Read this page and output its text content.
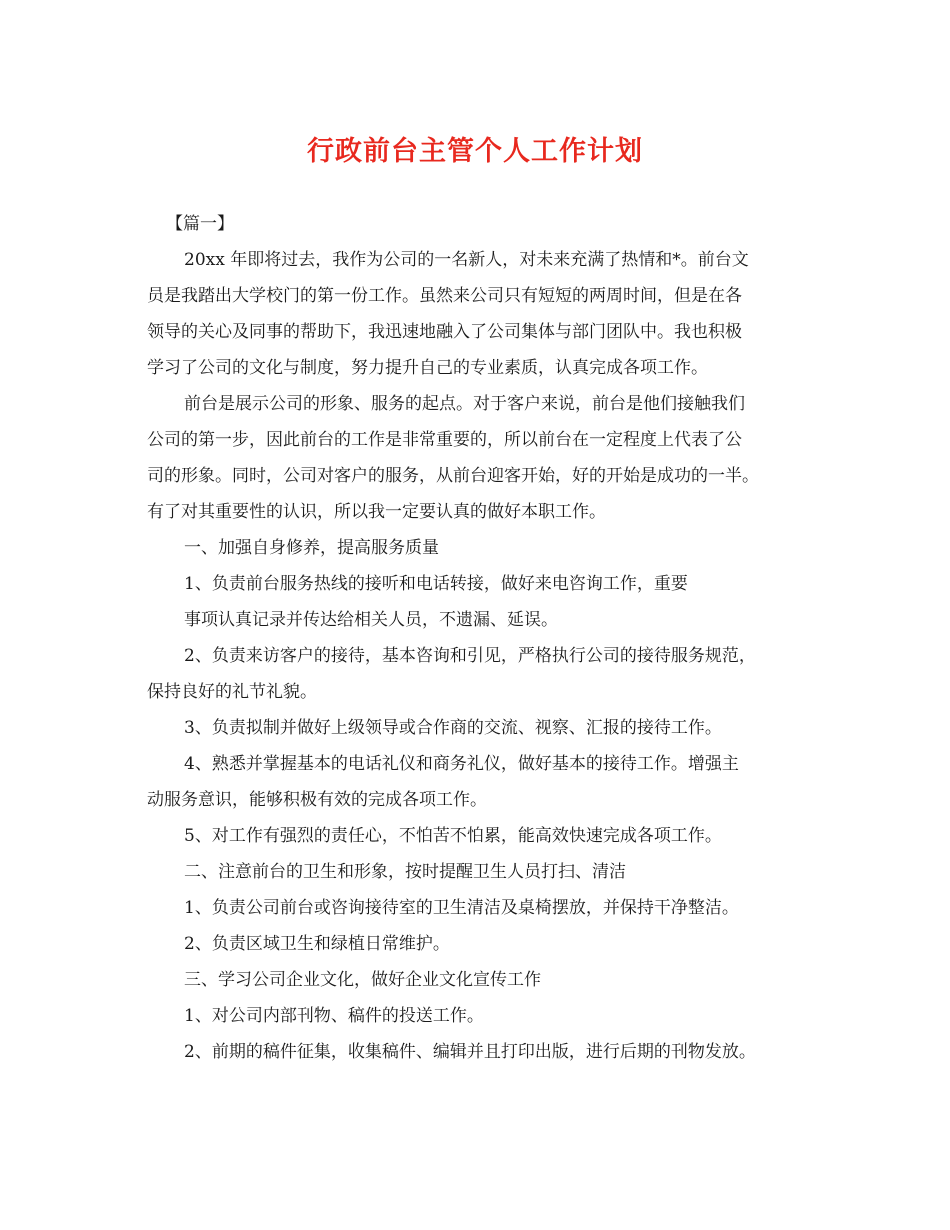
行政前台主管个人工作计划
【篇一】
20xx 年即将过去，我作为公司的一名新人，对未来充满了热情和*。前台文
员是我踏出大学校门的第一份工作。虽然来公司只有短短的两周时间，但是在各
领导的关心及同事的帮助下，我迅速地融入了公司集体与部门团队中。我也积极
学习了公司的文化与制度，努力提升自己的专业素质，认真完成各项工作。
前台是展示公司的形象、服务的起点。对于客户来说，前台是他们接触我们
公司的第一步，因此前台的工作是非常重要的，所以前台在一定程度上代表了公
司的形象。同时，公司对客户的服务，从前台迎客开始，好的开始是成功的一半。
有了对其重要性的认识，所以我一定要认真的做好本职工作。
一、加强自身修养，提高服务质量
1、负责前台服务热线的接听和电话转接，做好来电咨询工作，重要
事项认真记录并传达给相关人员，不遗漏、延误。
2、负责来访客户的接待，基本咨询和引见，严格执行公司的接待服务规范，
保持良好的礼节礼貌。
3、负责拟制并做好上级领导或合作商的交流、视察、汇报的接待工作。
4、熟悉并掌握基本的电话礼仪和商务礼仪，做好基本的接待工作。增强主
动服务意识，能够积极有效的完成各项工作。
5、对工作有强烈的责任心，不怕苦不怕累，能高效快速完成各项工作。
二、注意前台的卫生和形象，按时提醒卫生人员打扫、清洁
1、负责公司前台或咨询接待室的卫生清洁及桌椅摆放，并保持干净整洁。
2、负责区域卫生和绿植日常维护。
三、学习公司企业文化，做好企业文化宣传工作
1、对公司内部刊物、稿件的投送工作。
2、前期的稿件征集，收集稿件、编辑并且打印出版，进行后期的刊物发放。
